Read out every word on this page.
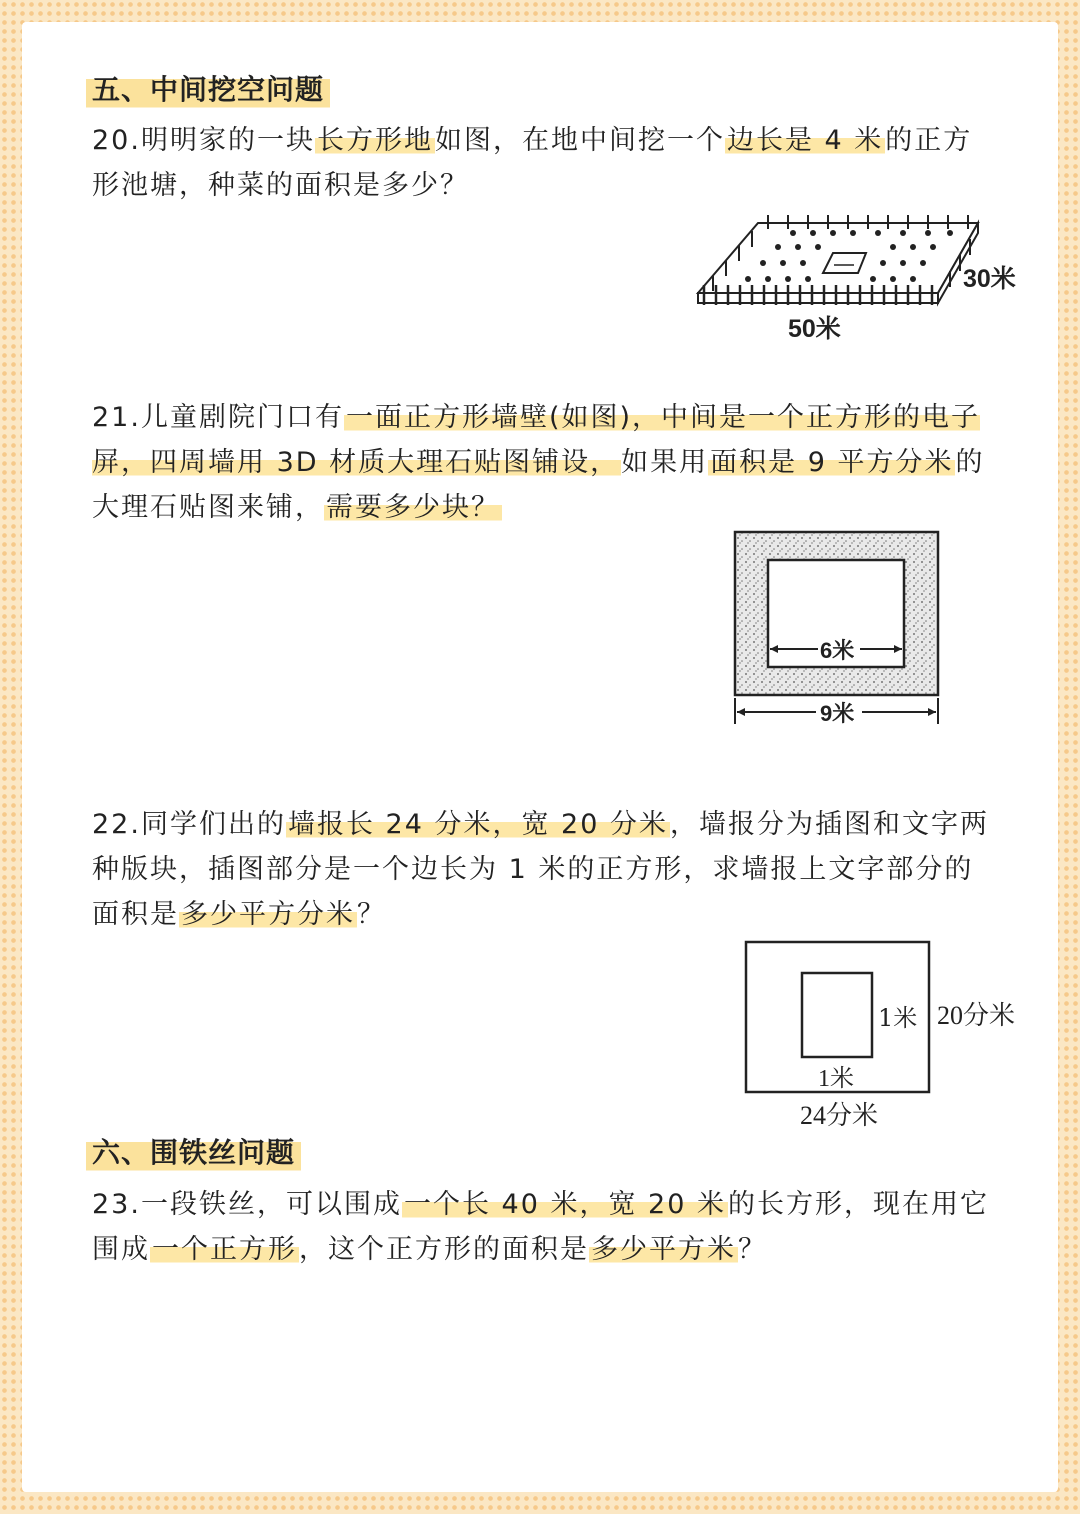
五、中间挖空问题

20.明明家的一块长方形地如图，在地中间挖一个边长是 4 米的正方形池塘，种菜的面积是多少？

30米
50米

21.儿童剧院门口有一面正方形墙壁(如图)，中间是一个正方形的电子屏，四周墙用 3D 材质大理石贴图铺设，如果用面积是 9 平方分米的大理石贴图来铺，需要多少块？

6米
9米

22.同学们出的墙报长 24 分米，宽 20 分米，墙报分为插图和文字两种版块，插图部分是一个边长为 1 米的正方形，求墙报上文字部分的面积是多少平方分米？

1米
1米
20分米
24分米
六、围铁丝问题

23.一段铁丝，可以围成一个长 40 米，宽 20 米的长方形，现在用它围成一个正方形，这个正方形的面积是多少平方米？
